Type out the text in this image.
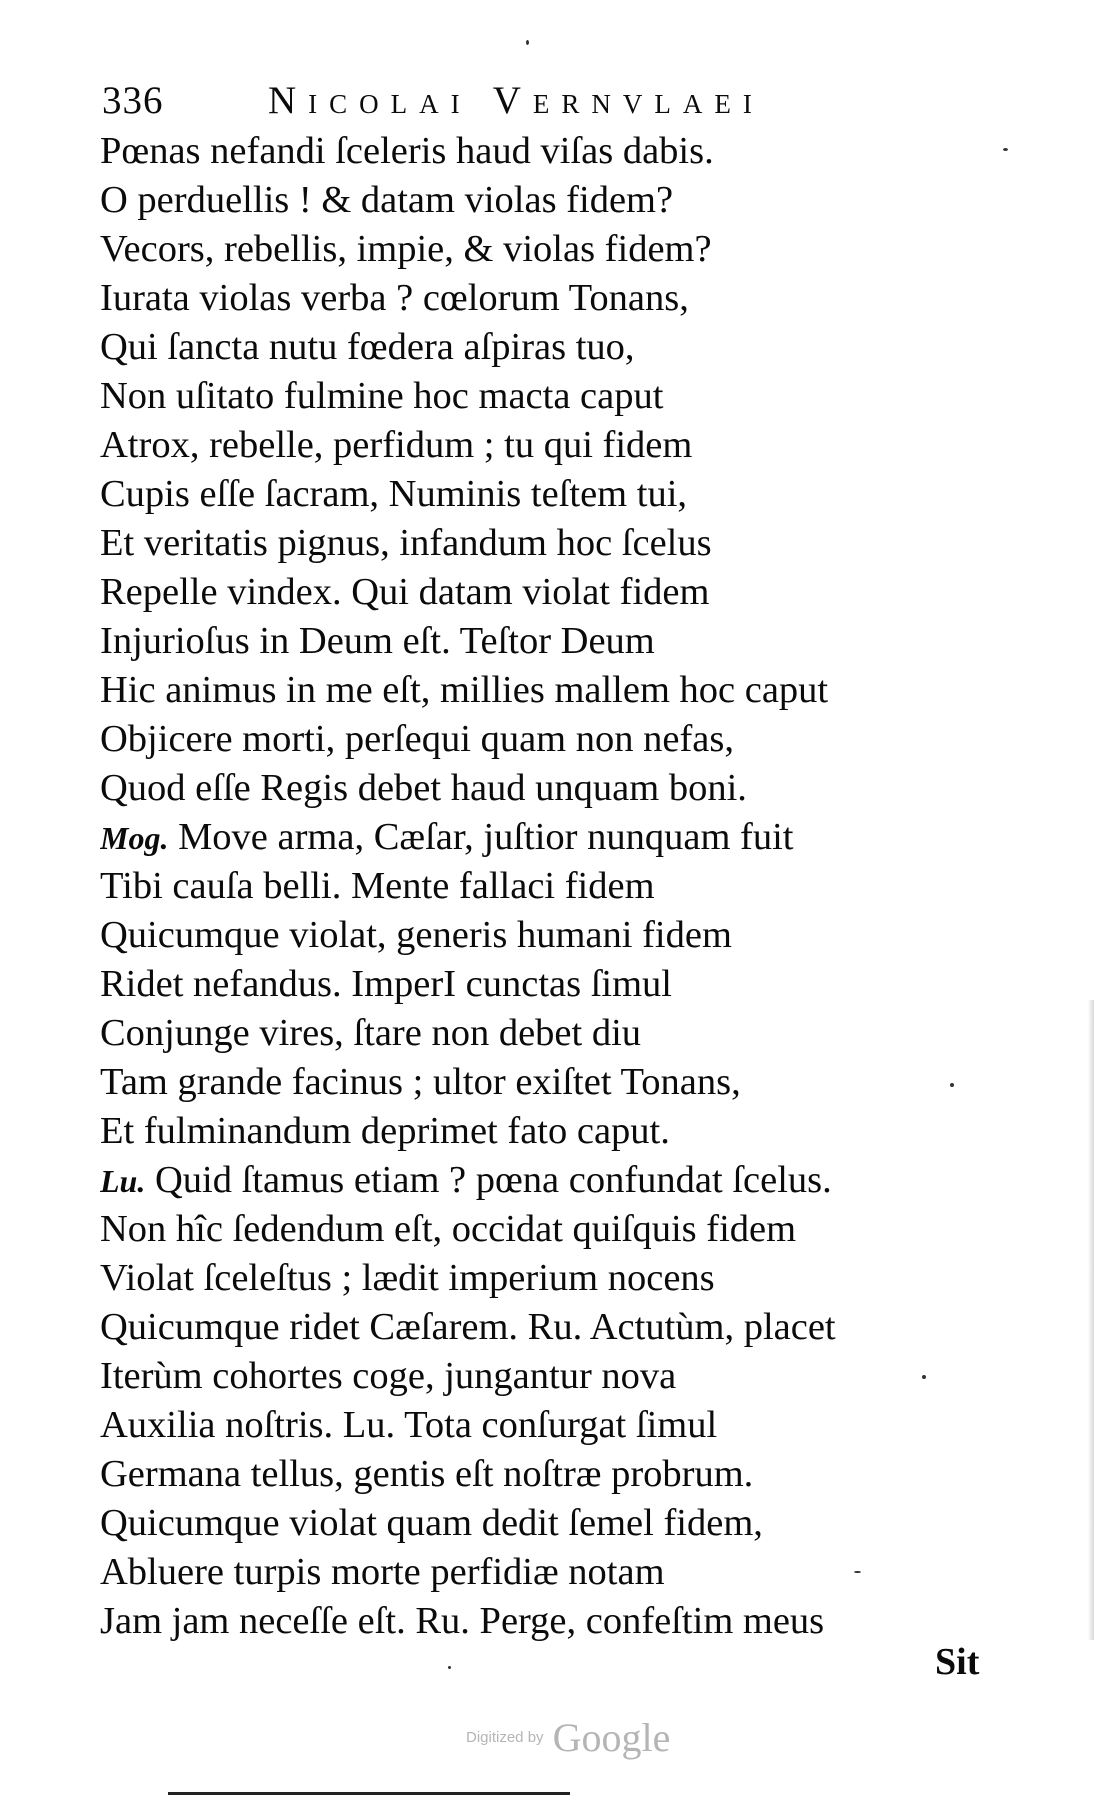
336	Nicolai Vernvlaei
Pœnas nefandi ſceleris haud viſas dabis.
O perduellis ! & datam violas fidem?
Vecors, rebellis, impie, & violas fidem?
Iurata violas verba ? cœlorum Tonans,
Qui ſancta nutu fœdera aſpiras tuo,
Non uſitato fulmine hoc macta caput
Atrox, rebelle, perfidum ; tu qui fidem
Cupis eſſe ſacram, Numinis teſtem tui,
Et veritatis pignus, infandum hoc ſcelus
Repelle vindex. Qui datam violat fidem
Injurioſus in Deum eſt. Teſtor Deum
Hic animus in me eſt, millies mallem hoc caput
Objicere morti, perſequi quam non nefas,
Quod eſſe Regis debet haud unquam boni.
Mog. Move arma, Cæſar, juſtior nunquam fuit
Tibi cauſa belli. Mente fallaci fidem
Quicumque violat, generis humani fidem
Ridet nefandus. ImperI cunctas ſimul
Conjunge vires, ſtare non debet diu
Tam grande facinus ; ultor exiſtet Tonans,
Et fulminandum deprimet fato caput.
Lu. Quid ſtamus etiam ? pœna confundat ſcelus.
Non hîc ſedendum eſt, occidat quiſquis fidem
Violat ſceleſtus ; lædit imperium nocens
Quicumque ridet Cæſarem. Ru. Actutùm, placet
Iterùm cohortes coge, jungantur nova
Auxilia noſtris. Lu. Tota conſurgat ſimul
Germana tellus, gentis eſt noſtræ probrum.
Quicumque violat quam dedit ſemel fidem,
Abluere turpis morte perfidiæ notam
Jam jam neceſſe eſt. Ru. Perge, confeſtim meus
Sit
Digitized by Google
